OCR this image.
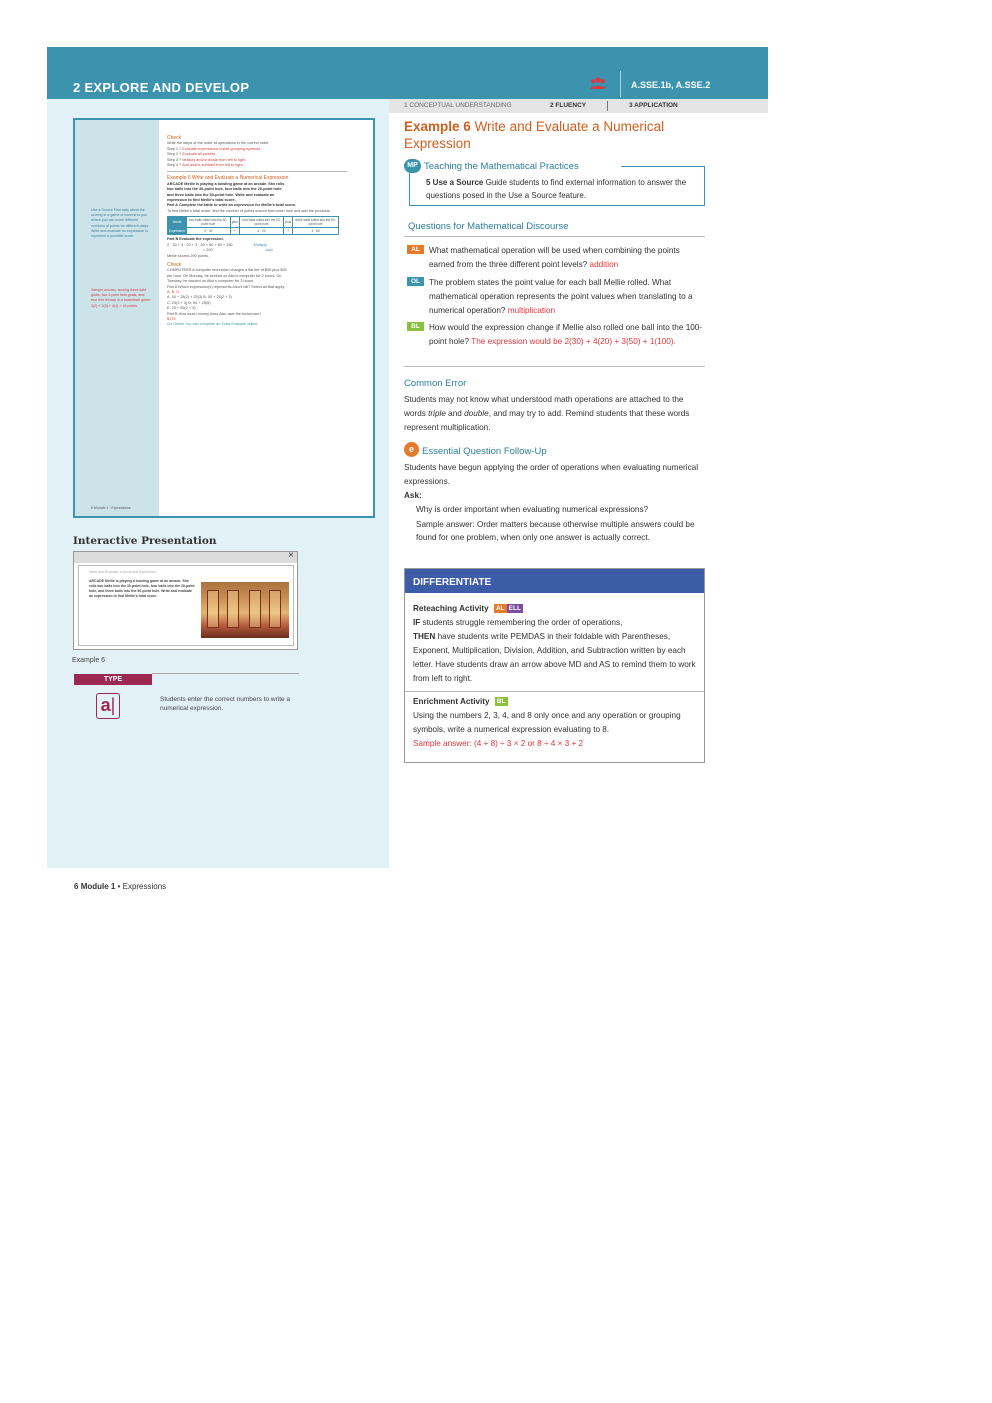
2 EXPLORE AND DEVELOP	A.SSE.1b, A.SSE.2
1 CONCEPTUAL UNDERSTANDING	2 FLUENCY	3 APPLICATION
Use a Source Find data about the scoring in a game of interest to you where you can score different numbers of points for different plays. Write and evaluate an expression to represent a possible score.
Sample answer: scoring three field goals, two 3-point field goals, and four free throws in a basketball game: 3(2) + 2(3) + 4(1) = 16 points
Check
Write the steps of the order of operations in the correct order.
Step 1 ? Evaluate expressions inside grouping symbols.
Step 2 ? Evaluate all powers.
Step 3 ? Multiply and/or divide from left to right.
Step 4 ? Add and/or subtract from left to right.
Example 6 Write and Evaluate a Numerical Expression
ARCADE Mellie is playing a bowling game at an arcade. She rolls
two balls into the 30-point hole, four balls into the 20-point hole,
and three balls into the 50-point hole. Write and evaluate an
expression to find Mellie's total score.
Part A Complete the table to write an expression for Mellie's total score.
To find Mellie's total score, find the number of points scored from each hole and add the products.
Words	two balls rolled into the 30-point hole	plus	four balls rolled into the 20-point hole	plus	three balls rolled into the 50-point hole
Expression	2 · 30	+	4 · 20	+	3 · 50
Part B Evaluate the expression.
2 · 30 + 4 · 20 + 3 · 50 = 60 + 80 + 150	Multiply.
= 290	Add.
Mellie scored 290 points.
Check
COMPUTERS A computer technician charges a flat fee of $50 plus $25
per hour. On Monday, he worked on Aiko's computer for 2 hours. On
Tuesday, he worked on Aiko's computer for 3 hours.
Part A Which expression(s) represents Aiko's bill? Select all that apply.
A, B, D
A. 50 + 25(2) + 25(3) B. 50 + 25(2 + 3)
C. 25(3 + 3) D. 50 + 25(5)
E. 25 + 50(2 + 3)
Part B How much money does Aiko owe the technician?
$175
Go Online You can complete an Extra Example online.
6 Module 1 · Expressions
Interactive Presentation
×
Write and Evaluate a Numerical Expression
ARCADE Mellie is playing a bowling game at an arcade. She rolls two balls into the 30-point hole, four balls into the 20-point hole, and three balls into the 50-point hole. Write and evaluate an expression to find Mellie's total score.
Example 6
TYPE
a|	Students enter the correct numbers to write a numerical expression.
6 Module 1 • Expressions
Example 6 Write and Evaluate a Numerical Expression
MP Teaching the Mathematical Practices
5 Use a Source Guide students to find external information to answer the questions posed in the Use a Source feature.
Questions for Mathematical Discourse
AL	What mathematical operation will be used when combining the points earned from the three different point levels? addition
OL	The problem states the point value for each ball Mellie rolled. What mathematical operation represents the point values when translating to a numerical operation? multiplication
BL	How would the expression change if Mellie also rolled one ball into the 100-point hole? The expression would be 2(30) + 4(20) + 3(50) + 1(100).
Common Error
Students may not know what understood math operations are attached to the words triple and double, and may try to add. Remind students that these words represent multiplication.
e Essential Question Follow-Up
Students have begun applying the order of operations when evaluating numerical expressions.
Ask:
Why is order important when evaluating numerical expressions?
Sample answer: Order matters because otherwise multiple answers could be found for one problem, when only one answer is actually correct.
DIFFERENTIATE
Reteaching Activity AL ELL
IF students struggle remembering the order of operations,
THEN have students write PEMDAS in their foldable with Parentheses, Exponent, Multiplication, Division, Addition, and Subtraction written by each letter. Have students draw an arrow above MD and AS to remind them to work from left to right.
Enrichment Activity BL
Using the numbers 2, 3, 4, and 8 only once and any operation or grouping symbols, write a numerical expression evaluating to 8.
Sample answer: (4 + 8) ÷ 3 × 2 or 8 ÷ 4 × 3 + 2
